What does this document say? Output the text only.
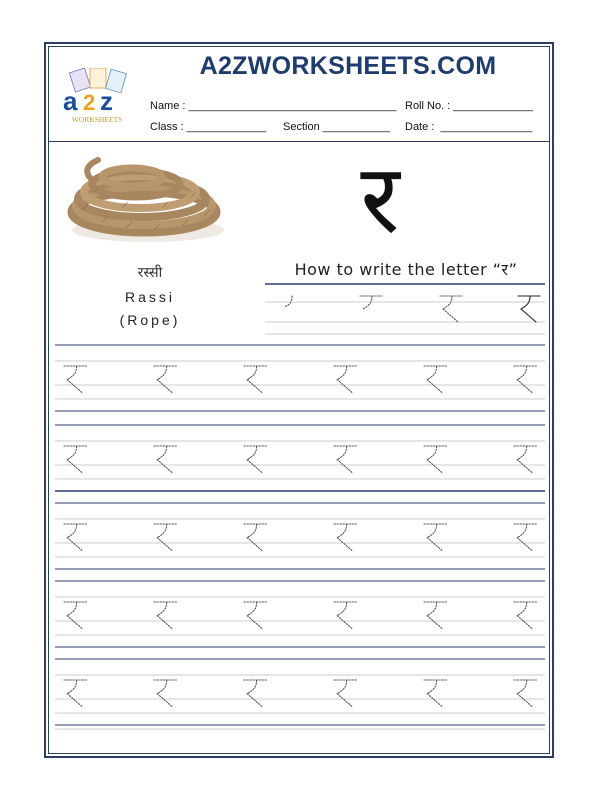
a 2 z
WORKSHEETS
A2ZWORKSHEETS.COM
Name : __________________________________ Roll No. : _____________
Class : _____________ Section ___________ Date :  _______________
र
रस्सी
Rassi
(Rope)
How to write the letter “र”
